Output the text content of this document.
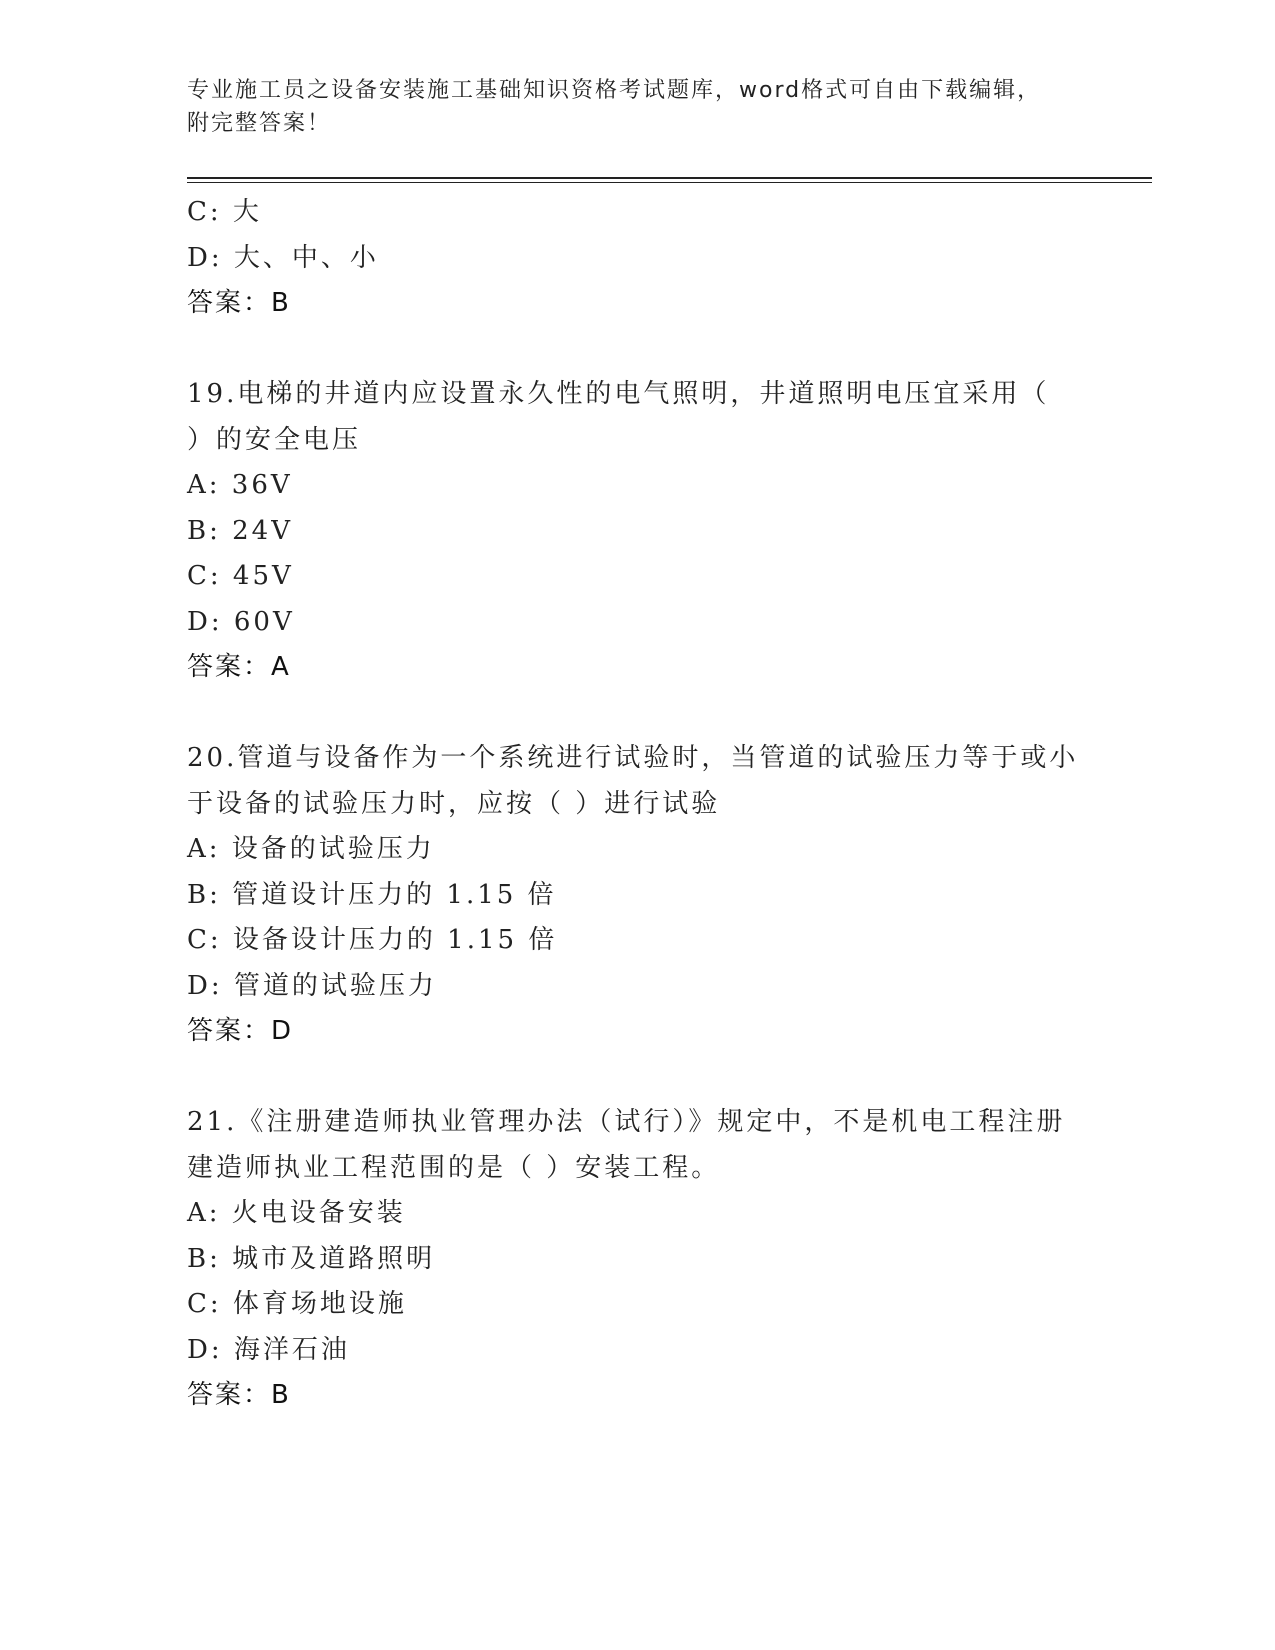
专业施工员之设备安装施工基础知识资格考试题库，word格式可自由下载编辑，
附完整答案！
C: 大
D: 大、中、小
答案：B
19.电梯的井道内应设置永久性的电气照明，井道照明电压宜采用（
）的安全电压
A: 36V
B: 24V
C: 45V
D: 60V
答案：A
20.管道与设备作为一个系统进行试验时，当管道的试验压力等于或小
于设备的试验压力时，应按（ ）进行试验
A: 设备的试验压力
B: 管道设计压力的 1.15 倍
C: 设备设计压力的 1.15 倍
D: 管道的试验压力
答案：D
21.《注册建造师执业管理办法（试行）》规定中，不是机电工程注册
建造师执业工程范围的是（ ）安装工程。
A: 火电设备安装
B: 城市及道路照明
C: 体育场地设施
D: 海洋石油
答案：B
